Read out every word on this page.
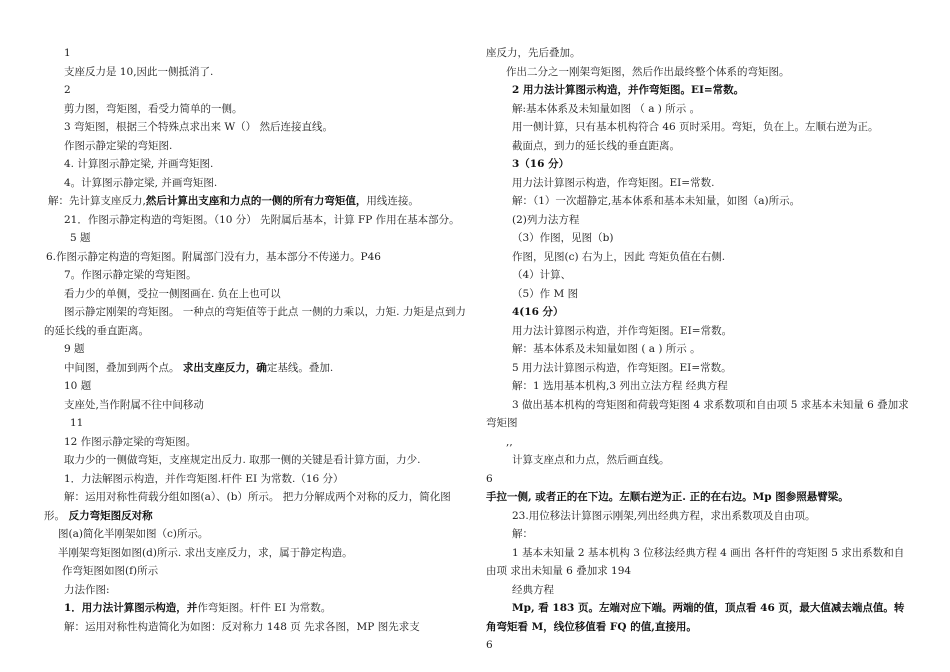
1
支座反力是 10,因此一侧抵消了.
2
剪力图，弯矩图，看受力简单的一侧。
3 弯矩图，根据三个特殊点求出来 W（） 然后连接直线。
作图示静定梁的弯矩图.
4. 计算图示静定梁, 并画弯矩图.
4。计算图示静定梁, 并画弯矩图.
解：先计算支座反力,然后计算出支座和力点的一侧的所有力弯矩值，用线连接。
21．作图示静定构造的弯矩图。（10 分） 先附属后基本，计算 FP 作用在基本部分。
5 题
6.作图示静定构造的弯矩图。附属部门没有力，基本部分不传递力。P46
7。作图示静定梁的弯矩图。
看力少的单侧，受拉一侧图画在. 负在上也可以
图示静定刚架的弯矩图。 一种点的弯矩值等于此点 一侧的力乘以，力矩. 力矩是点到力的延长线的垂直距离。
9 题
中间图，叠加到两个点。 求出支座反力，确定基线。叠加.
10 题
支座处,当作附属不往中间移动
11
12 作图示静定梁的弯矩图。
取力少的一侧做弯矩，支座规定出反力. 取那一侧的关键是看计算方面，力少.
1．力法解图示构造，并作弯矩图.杆件 EI 为常数.（16 分）
解：运用对称性荷载分组如图(a）、(b）所示。 把力分解成两个对称的反力，简化图形。 反力弯矩图反对称
图(a)简化半刚架如图（c)所示。
半刚架弯矩图如图(d)所示. 求出支座反力，求，属于静定构造。
作弯矩图如图(f)所示
力法作图:
1．用力法计算图示构造，并作弯矩图。杆件 EI 为常数。
解：运用对称性构造简化为如图：反对称力 148 页 先求各图，MP 图先求支
座反力，先后叠加。
作出二分之一刚架弯矩图，然后作出最终整个体系的弯矩图。
2 用力法计算图示构造，并作弯矩图。EI=常数。
解:基本体系及未知量如图 （ a ) 所示 。
用一侧计算，只有基本机构符合 46 页时采用。弯矩，负在上。左顺右逆为正。
截面点，到力的延长线的垂直距离。
3（16 分）
用力法计算图示构造，作弯矩图。EI=常数.
解：（1）一次超静定,基本体系和基本未知量，如图（a)所示。
(2)列力法方程
（3）作图，见图（b)
作图，见图(c) 右为上，因此 弯矩负值在右侧.
（4）计算、
（5）作 M 图
4(16 分）
用力法计算图示构造，并作弯矩图。EI=常数。
解：基本体系及未知量如图 ( a ) 所示 。
5 用力法计算图示构造，作弯矩图。EI=常数。
解：1 选用基本机构,3 列出立法方程 经典方程
3 做出基本机构的弯矩图和荷载弯矩图 4 求系数项和自由项 5 求基本未知量 6 叠加求弯矩图
,,
计算支座点和力点，然后画直线。
6
手拉一侧, 或者正的在下边。左顺右逆为正. 正的在右边。Mp 图参照悬臂梁。
23.用位移法计算图示刚架,列出经典方程，求出系数项及自由项。
解：
1 基本未知量 2 基本机构 3 位移法经典方程 4 画出 各杆件的弯矩图 5 求出系数和自由项 求出未知量 6 叠加求 194
经典方程
Mp, 看 183 页。左端对应下端。两端的值，顶点看 46 页，最大值减去端点值。转角弯矩看 M，线位移值看 FQ 的值,直接用。
6
